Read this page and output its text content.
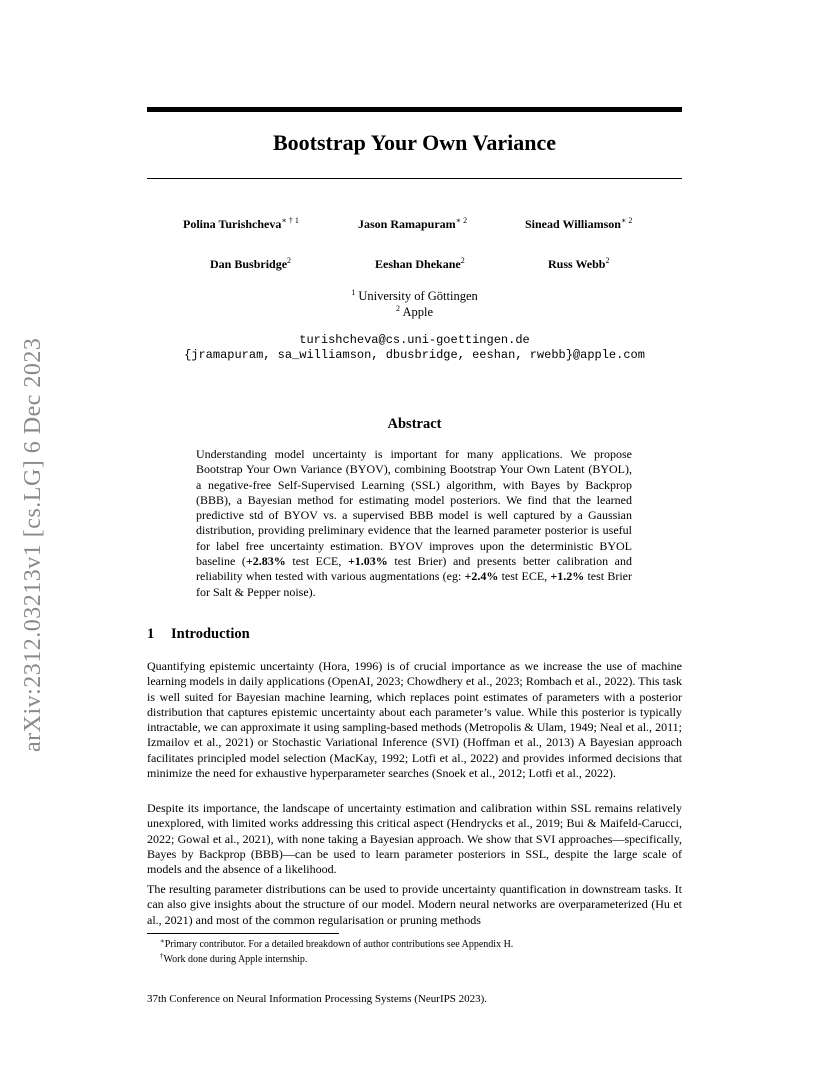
arXiv:2312.03213v1 [cs.LG] 6 Dec 2023
Bootstrap Your Own Variance
Polina Turishcheva$^{∗ \dagger 1}$	Jason Ramapuram$^{∗ 2}$	Sinead Williamson$^{∗ 2}$
Dan Busbridge$^2$	Eeshan Dhekane$^2$	Russ Webb$^2$
$^1$ University of Göttingen
$^2$ Apple
turishcheva@cs.uni-goettingen.de
{jramapuram, sa_williamson, dbusbridge, eeshan, rwebb}@apple.com
Abstract
Understanding model uncertainty is important for many applications. We propose Bootstrap Your Own Variance (BYOV), combining Bootstrap Your Own Latent (BYOL), a negative-free Self-Supervised Learning (SSL) algorithm, with Bayes by Backprop (BBB), a Bayesian method for estimating model posteriors. We find that the learned predictive std of BYOV vs. a supervised BBB model is well captured by a Gaussian distribution, providing preliminary evidence that the learned parameter posterior is useful for label free uncertainty estimation. BYOV improves upon the deterministic BYOL baseline (+2.83% test ECE, +1.03% test Brier) and presents better calibration and reliability when tested with various augmentations (eg: +2.4% test ECE, +1.2% test Brier for Salt & Pepper noise).
1 Introduction

Quantifying epistemic uncertainty (Hora, 1996) is of crucial importance as we increase the use of machine learning models in daily applications (OpenAI, 2023; Chowdhery et al., 2023; Rombach et al., 2022). This task is well suited for Bayesian machine learning, which replaces point estimates of parameters with a posterior distribution that captures epistemic uncertainty about each parameter’s value. While this posterior is typically intractable, we can approximate it using sampling-based methods (Metropolis & Ulam, 1949; Neal et al., 2011; Izmailov et al., 2021) or Stochastic Variational Inference (SVI) (Hoffman et al., 2013) A Bayesian approach facilitates principled model selection (MacKay, 1992; Lotfi et al., 2022) and provides informed decisions that minimize the need for exhaustive hyperparameter searches (Snoek et al., 2012; Lotfi et al., 2022).

Despite its importance, the landscape of uncertainty estimation and calibration within SSL remains relatively unexplored, with limited works addressing this critical aspect (Hendrycks et al., 2019; Bui & Maifeld-Carucci, 2022; Gowal et al., 2021), with none taking a Bayesian approach. We show that SVI approaches—specifically, Bayes by Backprop (BBB)—can be used to learn parameter posteriors in SSL, despite the large scale of models and the absence of a likelihood.

The resulting parameter distributions can be used to provide uncertainty quantification in downstream tasks. It can also give insights about the structure of our model. Modern neural networks are overparameterized (Hu et al., 2021) and most of the common regularisation or pruning methods

∗Primary contributor. For a detailed breakdown of author contributions see Appendix H.
†Work done during Apple internship.
37th Conference on Neural Information Processing Systems (NeurIPS 2023).
